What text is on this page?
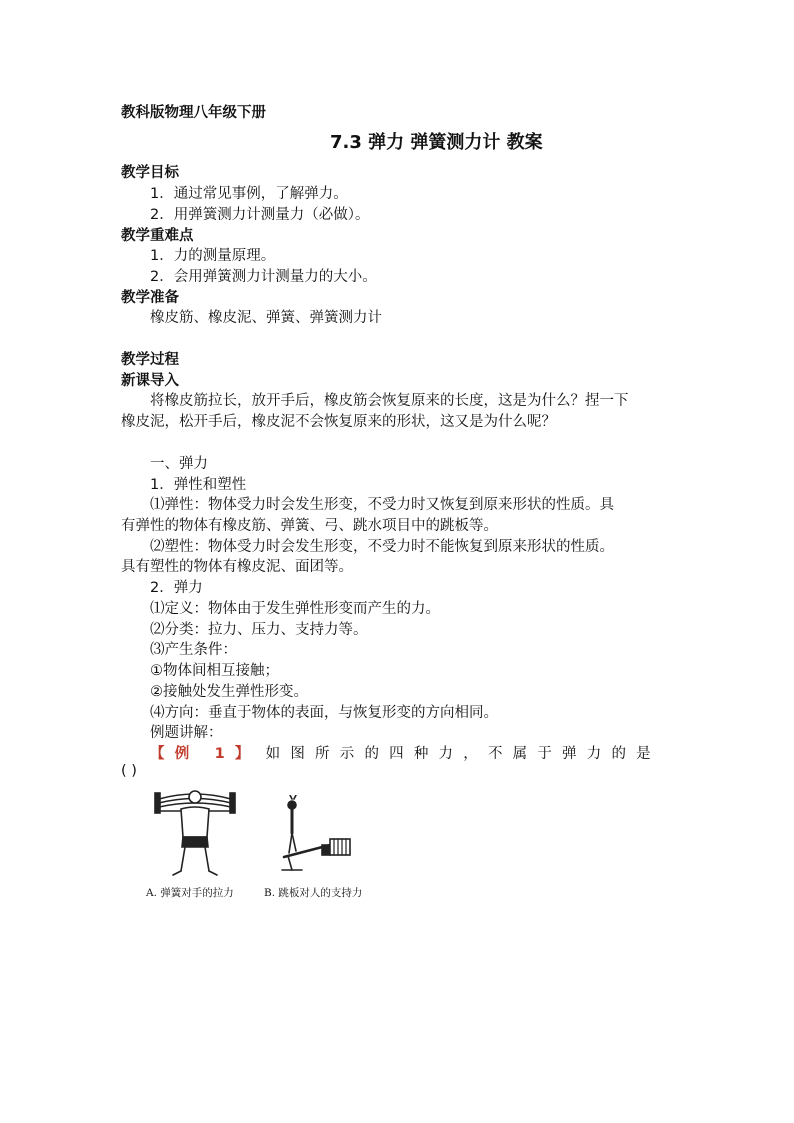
教科版物理八年级下册
7.3 弹力 弹簧测力计 教案
教学目标
1．通过常见事例，了解弹力。
2．用弹簧测力计测量力（必做）。
教学重难点
1．力的测量原理。
2．会用弹簧测力计测量力的大小。
教学准备
橡皮筋、橡皮泥、弹簧、弹簧测力计
教学过程
新课导入
将橡皮筋拉长，放开手后，橡皮筋会恢复原来的长度，这是为什么？捏一下
橡皮泥，松开手后，橡皮泥不会恢复原来的形状，这又是为什么呢？
一、弹力
1．弹性和塑性
⑴弹性：物体受力时会发生形变，不受力时又恢复到原来形状的性质。具
有弹性的物体有橡皮筋、弹簧、弓、跳水项目中的跳板等。
⑵塑性：物体受力时会发生形变，不受力时不能恢复到原来形状的性质。
具有塑性的物体有橡皮泥、面团等。
2．弹力
⑴定义：物体由于发生弹性形变而产生的力。
⑵分类：拉力、压力、支持力等。
⑶产生条件：
①物体间相互接触；
②接触处发生弹性形变。
⑷方向：垂直于物体的表面，与恢复形变的方向相同。
例题讲解：
【例 1】 如图所示的四种力，不属于弹力的是
( )
A. 弹簧对手的拉力	B. 跳板对人的支持力
